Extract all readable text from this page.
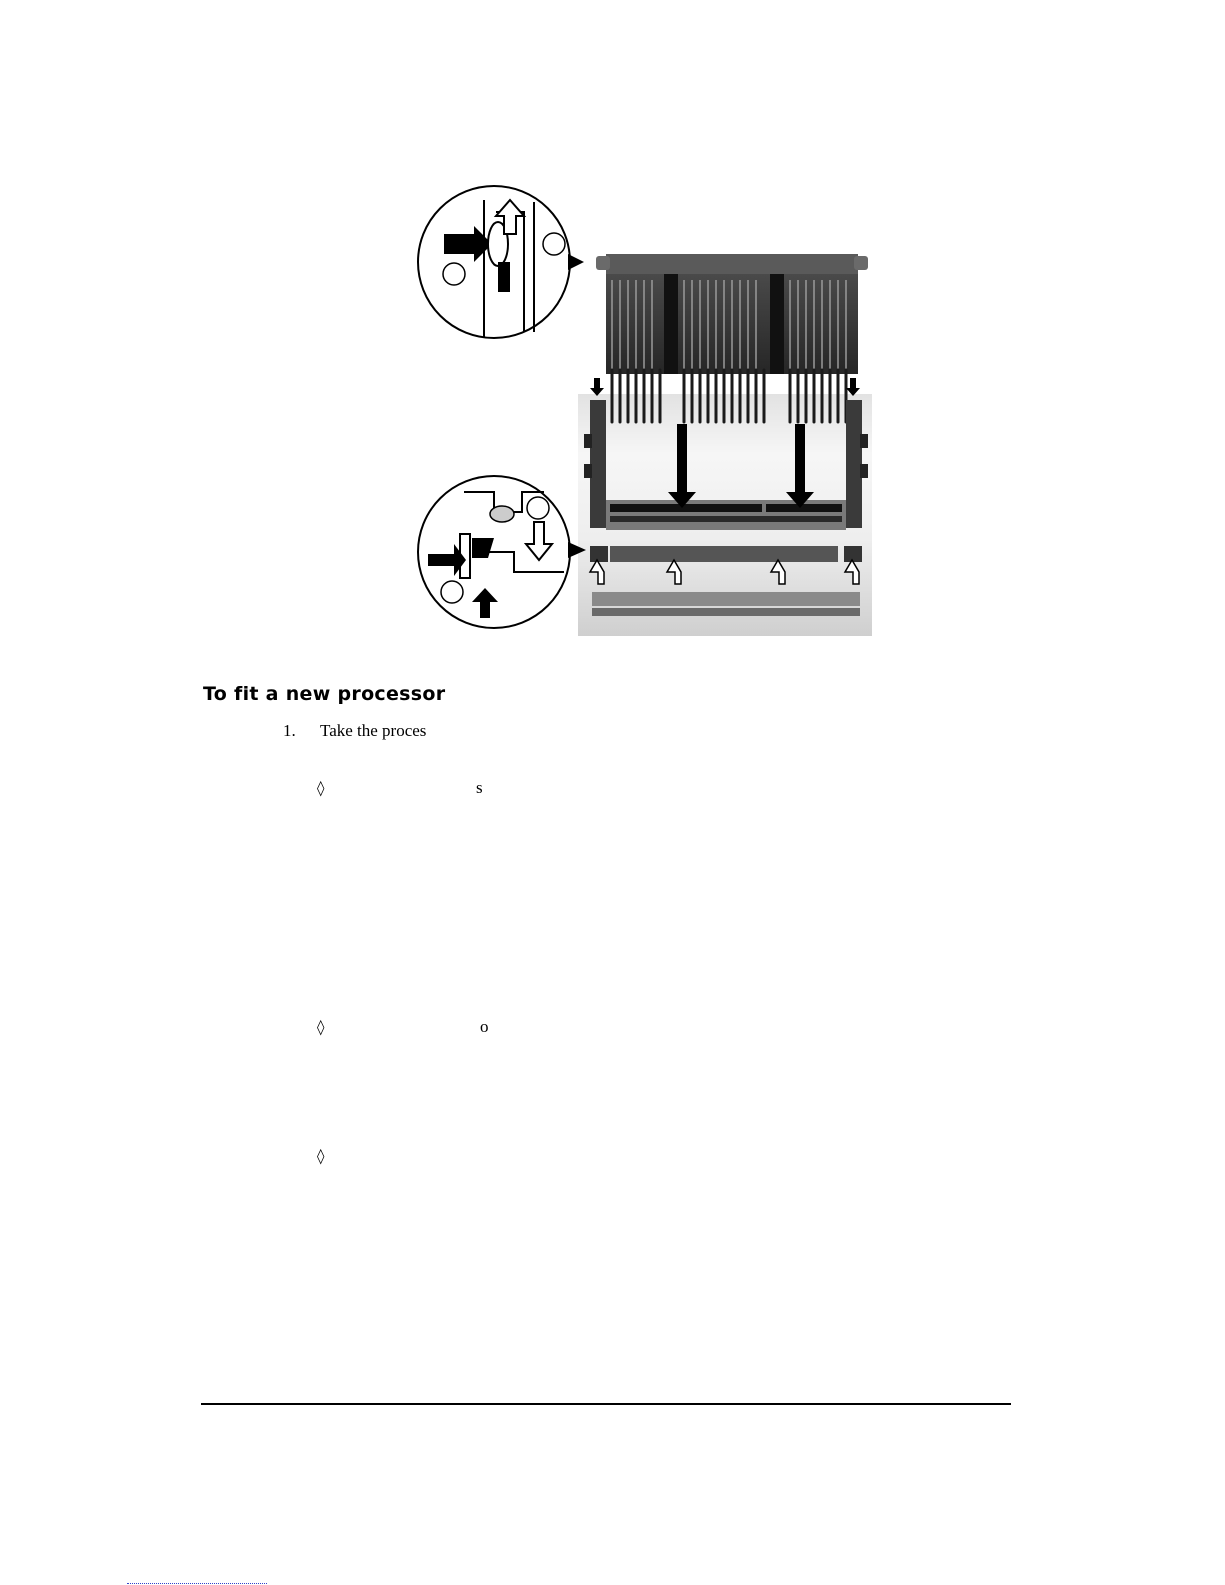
To fit a new processor
1. Take the proces
◊	s
◊	o
◊
